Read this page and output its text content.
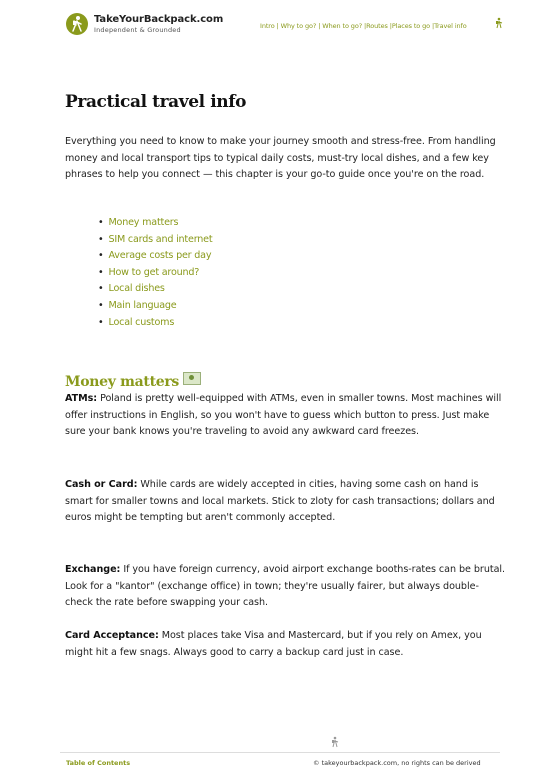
TakeYourBackpack.com
Independent & Grounded	Intro | Why to go? | When to go? |Routes |Places to go |Travel info
Practical travel info

Everything you need to know to make your journey smooth and stress-free. From handling money and local transport tips to typical daily costs, must-try local dishes, and a few key phrases to help you connect — this chapter is your go-to guide once you're on the road.

• Money matters
• SIM cards and internet
• Average costs per day
• How to get around?
• Local dishes
• Main language
• Local customs
Money matters

ATMs: Poland is pretty well-equipped with ATMs, even in smaller towns. Most machines will offer instructions in English, so you won't have to guess which button to press. Just make sure your bank knows you're traveling to avoid any awkward card freezes.

Cash or Card: While cards are widely accepted in cities, having some cash on hand is smart for smaller towns and local markets. Stick to zloty for cash transactions; dollars and euros might be tempting but aren't commonly accepted.

Exchange: If you have foreign currency, avoid airport exchange booths-rates can be brutal. Look for a "kantor" (exchange office) in town; they're usually fairer, but always double-check the rate before swapping your cash.

Card Acceptance: Most places take Visa and Mastercard, but if you rely on Amex, you might hit a few snags. Always good to carry a backup card just in case.

Table of Contents	© takeyourbackpack.com, no rights can be derived
